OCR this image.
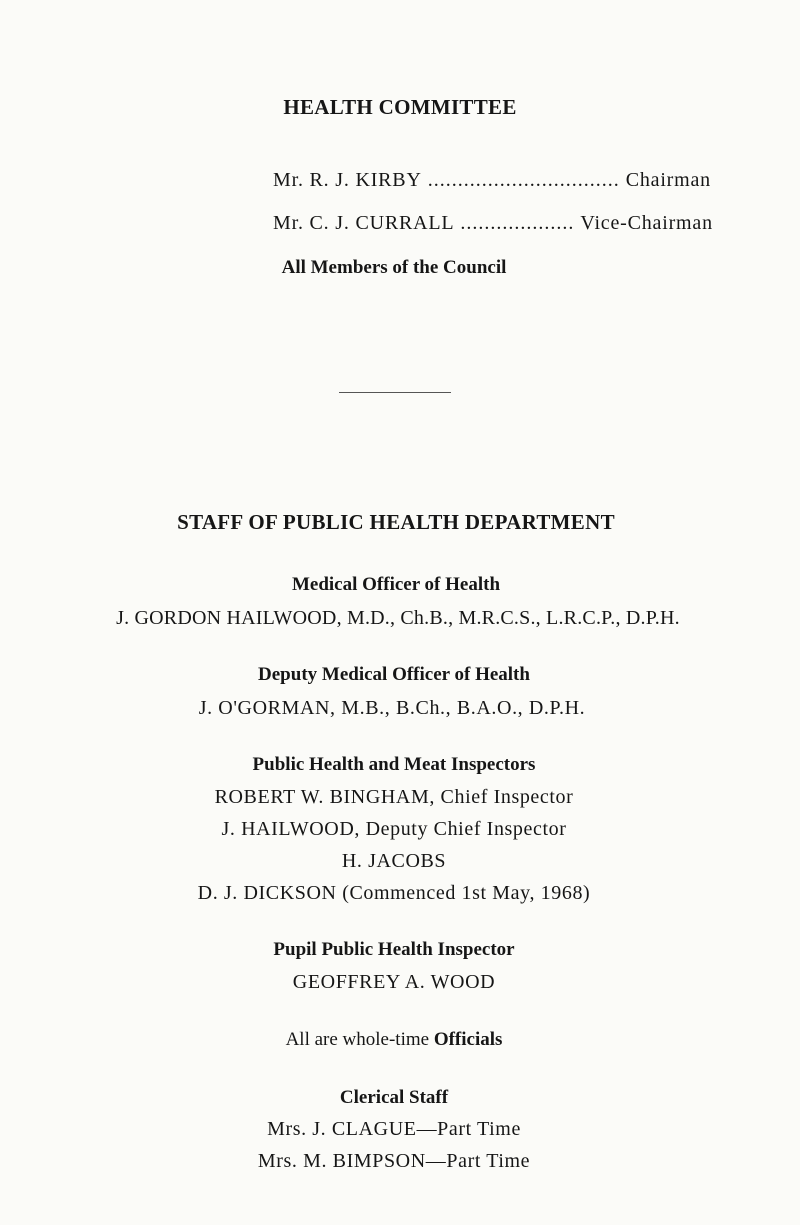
HEALTH COMMITTEE
Mr. R. J. KIRBY ................................ Chairman
Mr. C. J. CURRALL ................... Vice-Chairman
All Members of the Council
STAFF OF PUBLIC HEALTH DEPARTMENT
Medical Officer of Health
J. GORDON HAILWOOD, M.D., Ch.B., M.R.C.S., L.R.C.P., D.P.H.
Deputy Medical Officer of Health
J. O'GORMAN, M.B., B.Ch., B.A.O., D.P.H.
Public Health and Meat Inspectors
ROBERT W. BINGHAM, Chief Inspector
J. HAILWOOD, Deputy Chief Inspector
H. JACOBS
D. J. DICKSON (Commenced 1st May, 1968)
Pupil Public Health Inspector
GEOFFREY A. WOOD
All are whole-time Officials
Clerical Staff
Mrs. J. CLAGUE—Part Time
Mrs. M. BIMPSON—Part Time
